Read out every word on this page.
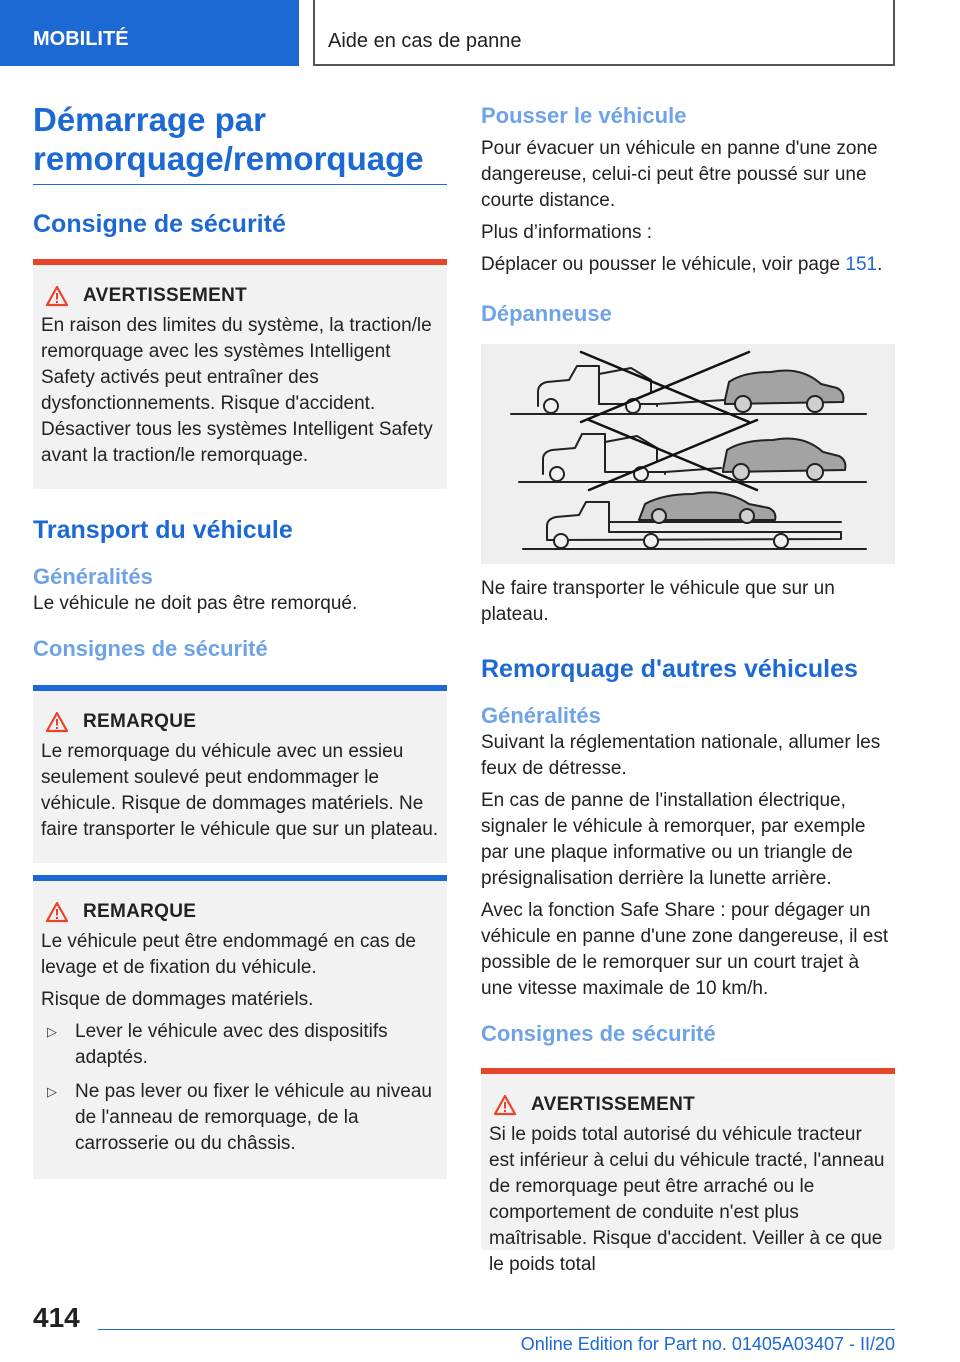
MOBILITÉ	Aide en cas de panne
Démarrage par remorquage/remorquage
Consigne de sécurité
AVERTISSEMENT

En raison des limites du système, la traction/le remorquage avec les systèmes Intelligent Safety activés peut entraîner des dysfonctionnements. Risque d'accident. Désactiver tous les systèmes Intelligent Safety avant la traction/le remorquage.

Transport du véhicule
Généralités

Le véhicule ne doit pas être remorqué.

Consignes de sécurité
REMARQUE

Le remorquage du véhicule avec un essieu seulement soulevé peut endommager le véhicule. Risque de dommages matériels. Ne faire transporter le véhicule que sur un plateau.

REMARQUE

Le véhicule peut être endommagé en cas de levage et de fixation du véhicule.

Risque de dommages matériels.

▷ Lever le véhicule avec des dispositifs adaptés.
▷ Ne pas lever ou fixer le véhicule au niveau de l'anneau de remorquage, de la carrosserie ou du châssis.
Pousser le véhicule

Pour évacuer un véhicule en panne d'une zone dangereuse, celui-ci peut être poussé sur une courte distance.

Plus d’informations :

Déplacer ou pousser le véhicule, voir page 151.

Dépanneuse

Ne faire transporter le véhicule que sur un plateau.

Remorquage d'autres véhicules
Généralités

Suivant la réglementation nationale, allumer les feux de détresse.

En cas de panne de l'installation électrique, signaler le véhicule à remorquer, par exemple par une plaque informative ou un triangle de présignalisation derrière la lunette arrière.

Avec la fonction Safe Share : pour dégager un véhicule en panne d'une zone dangereuse, il est possible de le remorquer sur un court trajet à une vitesse maximale de 10 km/h.

Consignes de sécurité
AVERTISSEMENT

Si le poids total autorisé du véhicule tracteur est inférieur à celui du véhicule tracté, l'anneau de remorquage peut être arraché ou le comportement de conduite n'est plus maîtrisable. Risque d'accident. Veiller à ce que le poids total

414
Online Edition for Part no. 01405A03407 - II/20
